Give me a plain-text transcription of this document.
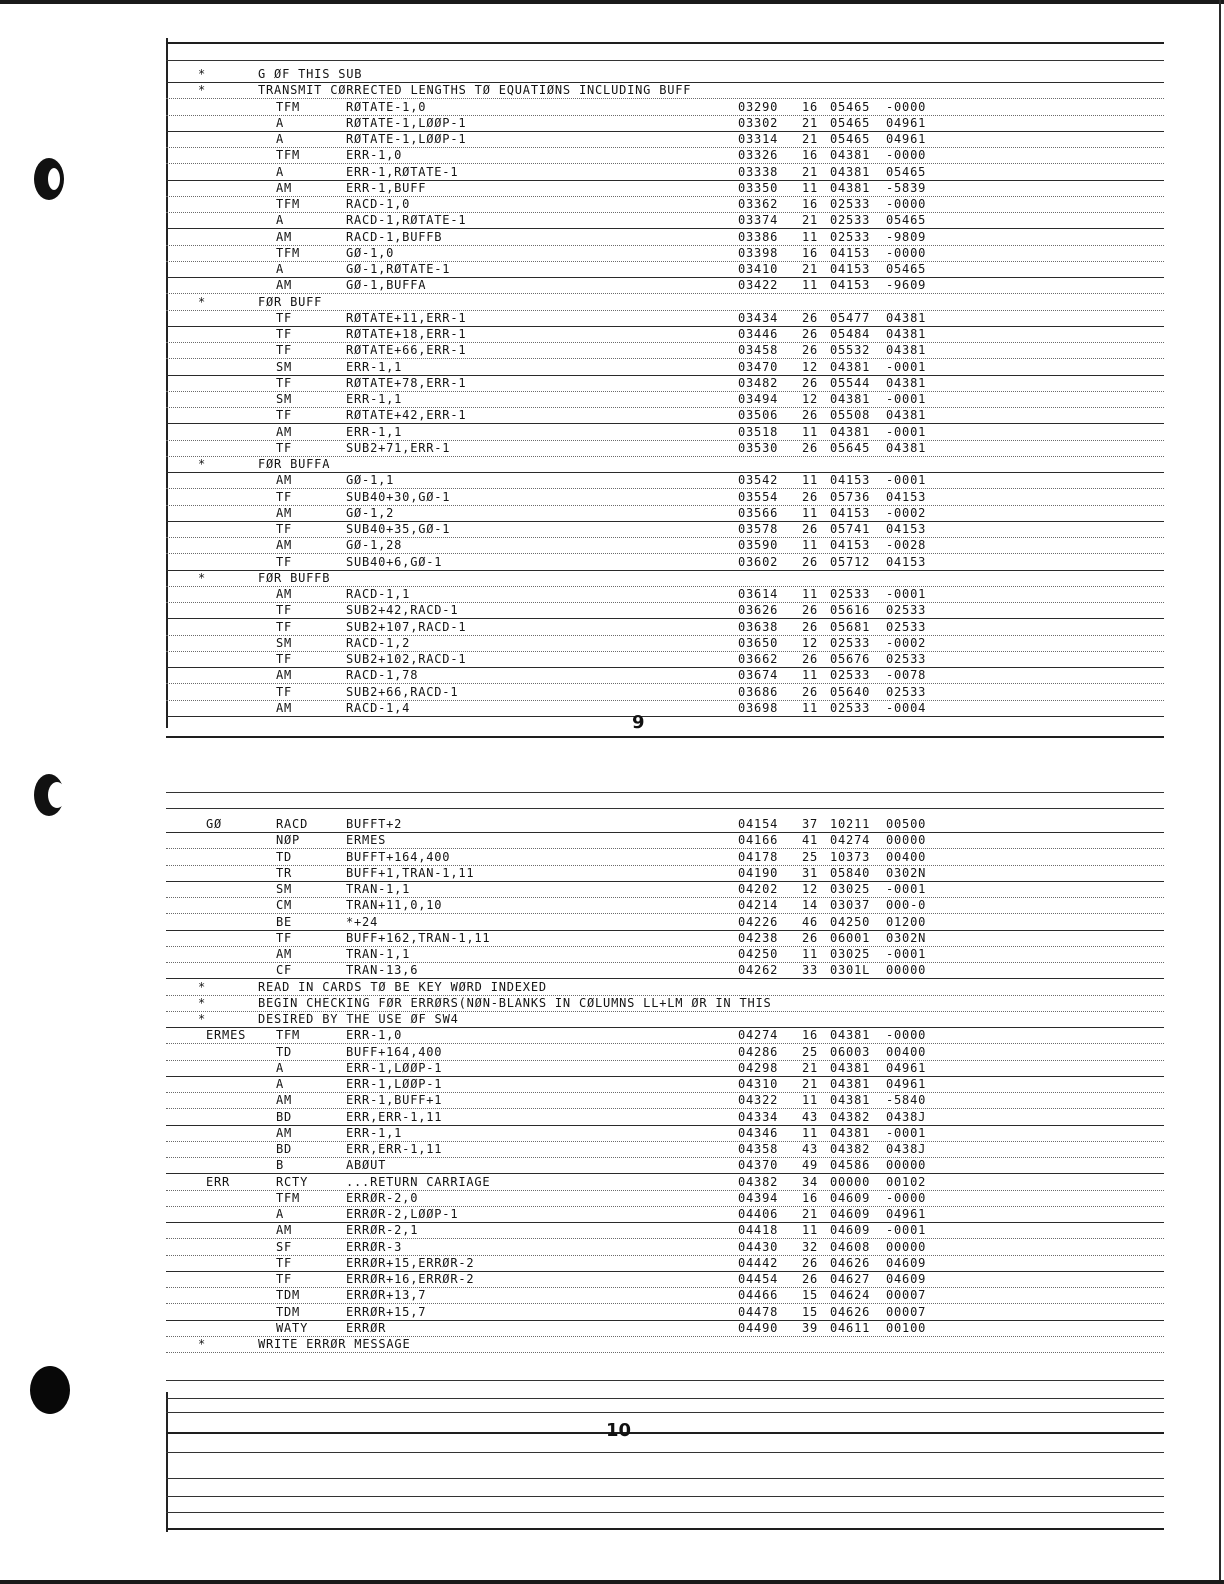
*	G ØF THIS SUB
*	TRANSMIT CØRRECTED LENGTHS TØ EQUATIØNS INCLUDING BUFF
TFM	RØTATE-1,0	03290 16 05465 -0000
A	RØTATE-1,LØØP-1	03302 21 05465 04961
A	RØTATE-1,LØØP-1	03314 21 05465 04961
TFM	ERR-1,0	03326 16 04381 -0000
A	ERR-1,RØTATE-1	03338 21 04381 05465
AM	ERR-1,BUFF	03350 11 04381 -5839
TFM	RACD-1,0	03362 16 02533 -0000
A	RACD-1,RØTATE-1	03374 21 02533 05465
AM	RACD-1,BUFFB	03386 11 02533 -9809
TFM	GØ-1,0	03398 16 04153 -0000
A	GØ-1,RØTATE-1	03410 21 04153 05465
AM	GØ-1,BUFFA	03422 11 04153 -9609
*	FØR BUFF
TF	RØTATE+11,ERR-1	03434 26 05477 04381
TF	RØTATE+18,ERR-1	03446 26 05484 04381
TF	RØTATE+66,ERR-1	03458 26 05532 04381
SM	ERR-1,1	03470 12 04381 -0001
TF	RØTATE+78,ERR-1	03482 26 05544 04381
SM	ERR-1,1	03494 12 04381 -0001
TF	RØTATE+42,ERR-1	03506 26 05508 04381
AM	ERR-1,1	03518 11 04381 -0001
TF	SUB2+71,ERR-1	03530 26 05645 04381
*	FØR BUFFA
AM	GØ-1,1	03542 11 04153 -0001
TF	SUB40+30,GØ-1	03554 26 05736 04153
AM	GØ-1,2	03566 11 04153 -0002
TF	SUB40+35,GØ-1	03578 26 05741 04153
AM	GØ-1,28	03590 11 04153 -0028
TF	SUB40+6,GØ-1	03602 26 05712 04153
*	FØR BUFFB
AM	RACD-1,1	03614 11 02533 -0001
TF	SUB2+42,RACD-1	03626 26 05616 02533
TF	SUB2+107,RACD-1	03638 26 05681 02533
SM	RACD-1,2	03650 12 02533 -0002
TF	SUB2+102,RACD-1	03662 26 05676 02533
AM	RACD-1,78	03674 11 02533 -0078
TF	SUB2+66,RACD-1	03686 26 05640 02533
AM	RACD-1,4	03698 11 02533 -0004
9
GØ	RACD	BUFFT+2	04154 37 10211 00500
NØP	ERMES	04166 41 04274 00000
TD	BUFFT+164,400	04178 25 10373 00400
TR	BUFF+1,TRAN-1,11	04190 31 05840 0302N
SM	TRAN-1,1	04202 12 03025 -0001
CM	TRAN+11,0,10	04214 14 03037 000-0
BE	*+24	04226 46 04250 01200
TF	BUFF+162,TRAN-1,11	04238 26 06001 0302N
AM	TRAN-1,1	04250 11 03025 -0001
CF	TRAN-13,6	04262 33 0301L 00000
*	READ IN CARDS TØ BE KEY WØRD INDEXED
*	BEGIN CHECKING FØR ERRØRS(NØN-BLANKS IN CØLUMNS LL+LM ØR IN THIS
*	DESIRED BY THE USE ØF SW4
ERMES TFM	ERR-1,0	04274 16 04381 -0000
TD	BUFF+164,400	04286 25 06003 00400
A	ERR-1,LØØP-1	04298 21 04381 04961
A	ERR-1,LØØP-1	04310 21 04381 04961
AM	ERR-1,BUFF+1	04322 11 04381 -5840
BD	ERR,ERR-1,11	04334 43 04382 0438J
AM	ERR-1,1	04346 11 04381 -0001
BD	ERR,ERR-1,11	04358 43 04382 0438J
B	ABØUT	04370 49 04586 00000
ERR	RCTY	...RETURN CARRIAGE	04382 34 00000 00102
TFM	ERRØR-2,0	04394 16 04609 -0000
A	ERRØR-2,LØØP-1	04406 21 04609 04961
AM	ERRØR-2,1	04418 11 04609 -0001
SF	ERRØR-3	04430 32 04608 00000
TF	ERRØR+15,ERRØR-2	04442 26 04626 04609
TF	ERRØR+16,ERRØR-2	04454 26 04627 04609
TDM	ERRØR+13,7	04466 15 04624 00007
TDM	ERRØR+15,7	04478 15 04626 00007
WATY	ERRØR	04490 39 04611 00100
*	WRITE ERRØR MESSAGE
10
